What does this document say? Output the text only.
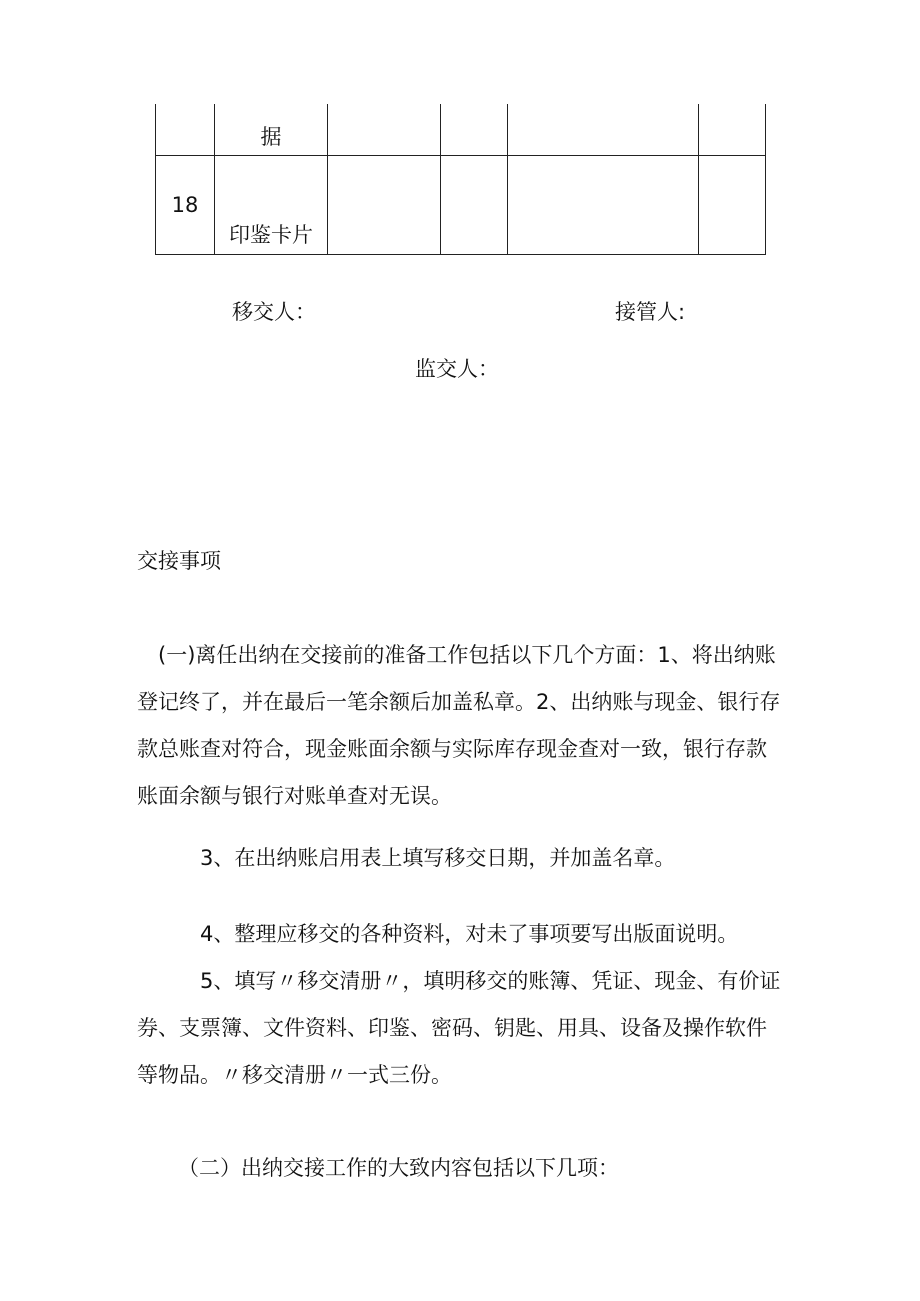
	据				
18	印鉴卡片				
移交人：	接管人:
监交人：
交接事项

(一)离任出纳在交接前的准备工作包括以下几个方面：1、将出纳账登记终了，并在最后一笔余额后加盖私章。2、出纳账与现金、银行存款总账查对符合，现金账面余额与实际库存现金查对一致，银行存款账面余额与银行对账单查对无误。

3、在出纳账启用表上填写移交日期，并加盖名章。

4、整理应移交的各种资料，对未了事项要写出版面说明。

5、填写〃移交清册〃，填明移交的账簿、凭证、现金、有价证券、支票簿、文件资料、印鉴、密码、钥匙、用具、设备及操作软件等物品。〃移交清册〃一式三份。

（二）出纳交接工作的大致内容包括以下几项：
